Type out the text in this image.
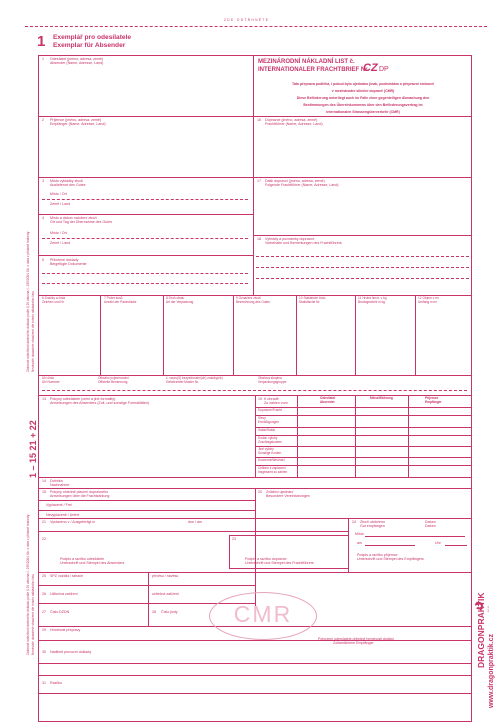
ZDE ODTRHNĚTE
1 Exemplář pro odesílatele
Exemplar für Absender
1 Odesílatel (jméno, adresa, země)
Absender (Name, Adresse, Land)	MEZINÁRODNÍ NÁKLADNÍ LIST č.
INTERNATIONALER FRACHTBRIEF Nr.
CZ DP
Tato přeprava podléhá, i pokud bylo ujednáno jinak, podmínkám o přepravní smlouvě
v mezinárodní silniční dopravě (CMR)
Diese Beförderung unterliegt auch im Falle einer gegenteiligen Abmachung den
Bestimmungen des Übereinkommens über den Beförderungsvertrag im
internationalen Strassengüterverkehr (CMR)
2 Příjemce (jméno, adresa, země)
Empfänger (Name, Adresse, Land)
16 Dopravce (jméno, adresa, země)
Frachtführer (Name, Adresse, Land)
3 Místo vykládky zboží
Auslieferort des Gutes
Místo / Ort
Země / Land
17 Další dopravci (jméno, adresa, země)
Folgende Frachtführer (Name, Adresse, Land)
4 Místo a datum naložení zboží
Ort und Tag der Übernahme des Gutes
Místo / Ort
Země / Land
18 Výhrady a poznámky dopravce
Vorbehalte und Bemerkungen des Frachtführers
5 Přiložené doklady
Beigefügte Dokumente
6 Značky a čísla
Zeichen und Nr.
7 Počet kusů
Anzahl der Packstücke
8 Druh obalu
Art der Verpackung
9 Označení zboží
Bezeichnung des Gutes
10 Statistické číslo
Statistische Nr.
11 Hrubá hmot. v kg
Bruttogewicht in kg
12 Objem v m³
Umfang in m³
UN číslo
UN Nummer
Oficiální pojmenování
Offizielle Benennung
č. vzoru(ů) bezpečnostní(ch) značky(ek)
Gefahrzettel Muster Nr.
Obalová skupina
Verpackungsgruppe
13 Pokyny odesílatele (celní a jiné formality)
Anweisungen des Absenders (Zoll- und sonstige Formalitäten)
19 K úhradě
Zu zahlen vom
Odesílatel
Absender
Měna/Währung	Příjemce
Empfänger
Dopravné/Fracht
Slevy
Ermäßigungen
Saldo/Saldo
Dodat. výlohy
Zuschlagskosten
Jiné výlohy
Sonstige Kosten
Kurzovné/Wechsel
Celkem k zaplacení
Insgesamt zu zahlen
14 Dobírka
Nachnahme
15 Pokyny ohledně placení dopravného
Anweisungen über die Frachtzahlung
20 Zvláštní ujednání
Besondere Vereinbarungen
Vyplaceně / Frei
Nevyplaceně / Unfrei
21 Vystaveno v / Ausgefertigt in	dne / am
22
Podpis a razítko odesílatele
Unterschrift und Stempel des Absenders
23
Podpis a razítko dopravce
Unterschrift und Stempel des Frachtführers
24 Zboží obdrženo
Gut empfangen
Datum
Datum
Místo
am	Uhr
Podpis a razítko příjemce
Unterschrift und Stempel des Empfängers
25 SPZ vozidla / tahače	přívěsu / návěsu
26 Užitečná zatížení	užitečná zatížení
27 Číslo DZDN	28 Číslo jízdy	CMR
29 Hmotnost přepravy
30 Nadlimit provozní doklady
Potvrzení odesílatele ohledně hmotnosti dodání
Zollamtlichem Empfänger
31 Razítko
Zákonné náležitosti daňového dokladu podle § 29 zákona č. 235/2004 Sb. o dani z přidané hodnoty Nezávislé ukazatele obsažené dle tohoto nákladního listu
1 – 15 21 + 22
Zákonné náležitosti daňového dokladu podle § 29 zákona č. 235/2004 Sb. o dani z přidané hodnoty Nezávislé ukazatele obsažené dle tohoto nákladního listu	DRAGONPRAKTIK s.r.o.
www.dragonpraktik.cz
